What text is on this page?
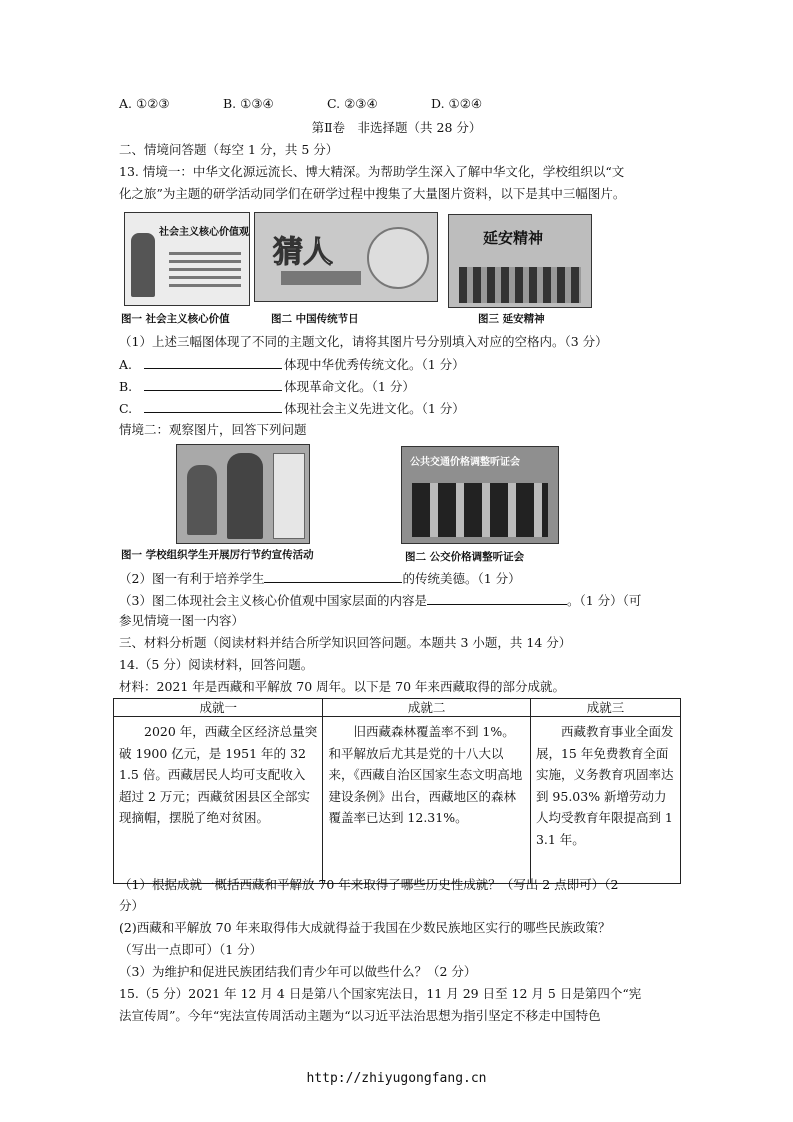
A. ①②③	B. ①③④	C. ②③④	D. ①②④
第Ⅱ卷　非选择题（共 28 分）
二、情境问答题（每空 1 分，共 5 分）
13. 情境一：中华文化源远流长、博大精深。为帮助学生深入了解中华文化，学校组织以“文
化之旅”为主题的研学活动同学们在研学过程中搜集了大量图片资料，以下是其中三幅图片。
社会主义核心价值观
猜人	延安精神
图一 社会主义核心价值	图二 中国传统节日	图三 延安精神
（1）上述三幅图体现了不同的主题文化，请将其图片号分别填入对应的空格内。（3 分）
A.	体现中华优秀传统文化。（1 分）
B.	体现革命文化。（1 分）
C.	体现社会主义先进文化。（1 分）
情境二：观察图片，回答下列问题
公共交通价格调整听证会
图一 学校组织学生开展厉行节约宣传活动	图二 公交价格调整听证会
（2）图一有利于培养学生	的传统美德。（1 分）
（3）图二体现社会主义核心价值观中国家层面的内容是	。（1 分）（可
参见情境一图一内容）
三、材料分析题（阅读材料并结合所学知识回答问题。本题共 3 小题，共 14 分）
14.（5 分）阅读材料，回答问题。
材料：2021 年是西藏和平解放 70 周年。以下是 70 年来西藏取得的部分成就。
成就一	成就二	成就三
2020 年，西藏全区经济总量突破 1900 亿元，是 1951 年的 321.5 倍。西藏居民人均可支配收入超过 2 万元；西藏贫困县区全部实现摘帽，摆脱了绝对贫困。	旧西藏森林覆盖率不到 1%。和平解放后尤其是党的十八大以来，《西藏自治区国家生态文明高地建设条例》出台，西藏地区的森林覆盖率已达到 12.31%。	西藏教育事业全面发展，15 年免费教育全面实施，义务教育巩固率达到 95.03% 新增劳动力人均受教育年限提高到 13.1 年。
（1）根据成就一概括西藏和平解放 70 年来取得了哪些历史性成就？（写出 2 点即可）（2
分）
(2)西藏和平解放 70 年来取得伟大成就得益于我国在少数民族地区实行的哪些民族政策？
（写出一点即可）（1 分）
（3）为维护和促进民族团结我们青少年可以做些什么？（2 分）
15.（5 分）2021 年 12 月 4 日是第八个国家宪法日，11 月 29 日至 12 月 5 日是第四个“宪
法宣传周”。今年“宪法宣传周活动主题为“以习近平法治思想为指引坚定不移走中国特色
http://zhiyugongfang.cn
